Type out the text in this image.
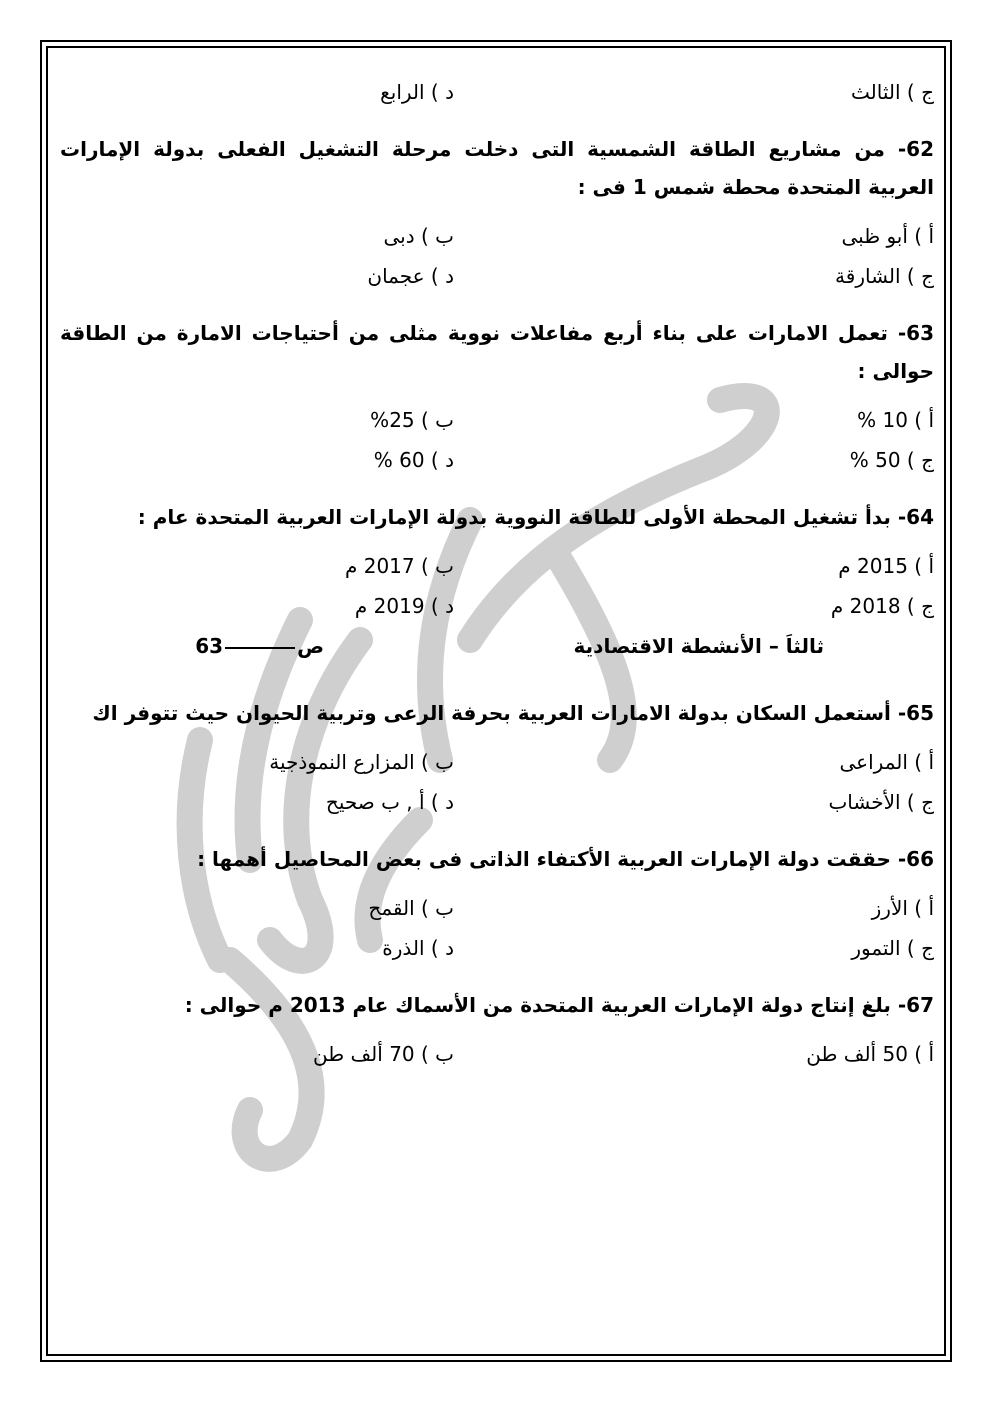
ج ) الثالث
د ) الرابع
62- من مشاريع الطاقة الشمسية التى دخلت مرحلة التشغيل الفعلى بدولة الإمارات العربية المتحدة محطة شمس 1 فى :
أ ) أبو ظبى
ب ) دبى
ج ) الشارقة
د ) عجمان
63- تعمل الامارات على بناء أربع مفاعلات نووية مثلى من أحتياجات الامارة من الطاقة حوالى :
أ ) 10 %
ب ) 25%
ج ) 50 %
د ) 60 %
64- بدأ تشغيل المحطة الأولى للطاقة النووية بدولة الإمارات العربية المتحدة عام :
أ ) 2015 م
ب ) 2017 م
ج ) 2018 م
د ) 2019 م
ثالثاَ – الأنشطة الاقتصادية
ص63
65- أستعمل السكان بدولة الامارات العربية بحرفة الرعى وتربية الحيوان حيث تتوفر اك
أ ) المراعى
ب ) المزارع النموذجية
ج ) الأخشاب
د ) أ , ب صحيح
66- حققت دولة الإمارات العربية الأكتفاء الذاتى فى بعض المحاصيل أهمها :
أ ) الأرز
ب ) القمح
ج ) التمور
د ) الذرة
67- بلغ إنتاج دولة الإمارات العربية المتحدة من الأسماك عام 2013 م حوالى :
أ ) 50 ألف طن
ب ) 70 ألف طن
